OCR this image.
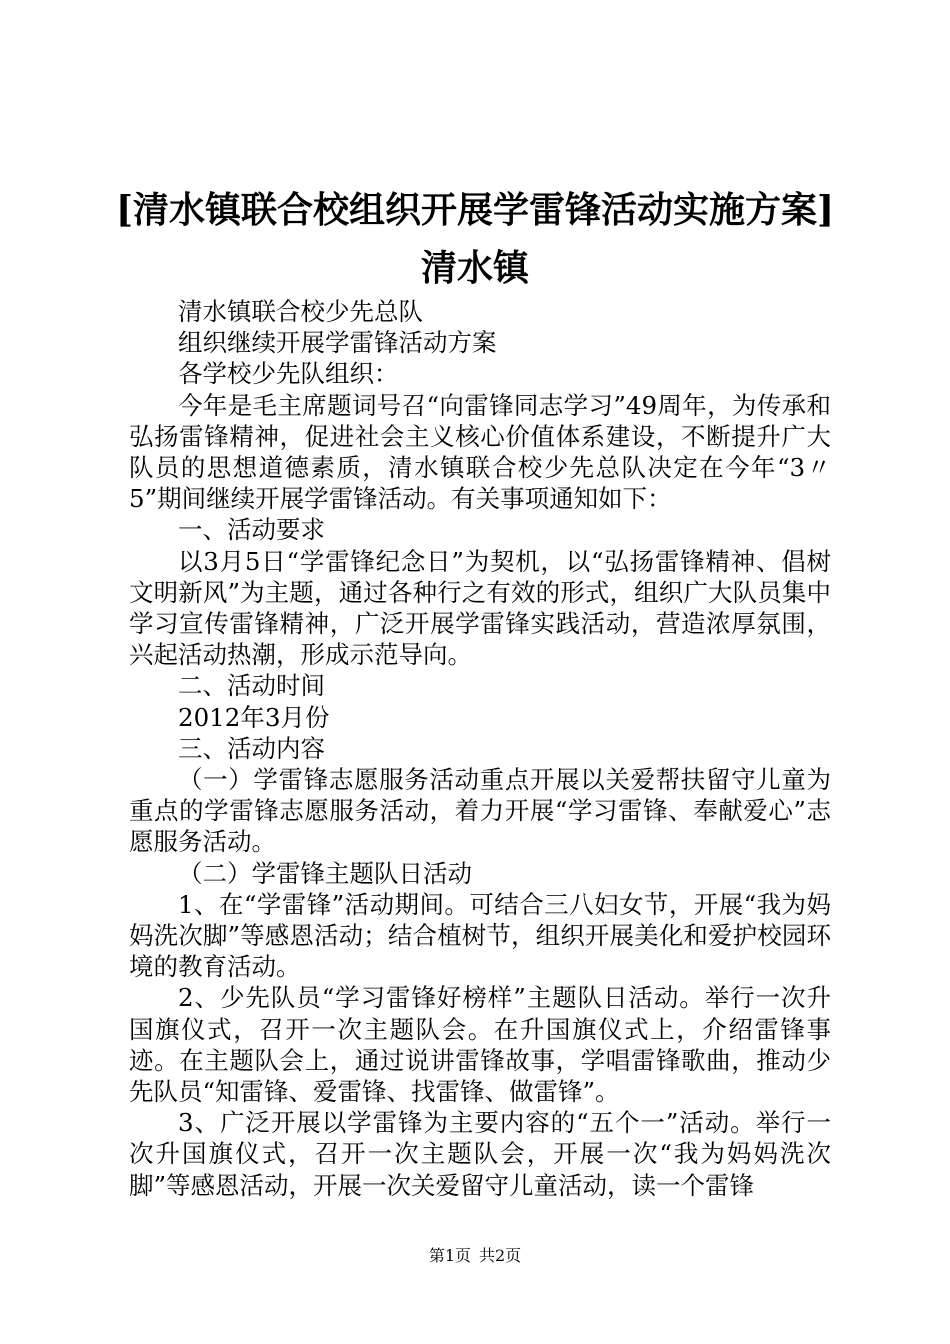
[清水镇联合校组织开展学雷锋活动实施方案]
清水镇

清水镇联合校少先总队

组织继续开展学雷锋活动方案

各学校少先队组织：

今年是毛主席题词号召“向雷锋同志学习”49周年，为传承和弘扬雷锋精神，促进社会主义核心价值体系建设，不断提升广大队员的思想道德素质，清水镇联合校少先总队决定在今年“3〃5”期间继续开展学雷锋活动。有关事项通知如下：

一、活动要求

以3月5日“学雷锋纪念日”为契机，以“弘扬雷锋精神、倡树文明新风”为主题，通过各种行之有效的形式，组织广大队员集中学习宣传雷锋精神，广泛开展学雷锋实践活动，营造浓厚氛围，兴起活动热潮，形成示范导向。

二、活动时间

2012年3月份

三、活动内容

（一）学雷锋志愿服务活动重点开展以关爱帮扶留守儿童为重点的学雷锋志愿服务活动，着力开展“学习雷锋、奉献爱心”志愿服务活动。

（二）学雷锋主题队日活动

1、在“学雷锋”活动期间。可结合三八妇女节，开展“我为妈妈洗次脚”等感恩活动；结合植树节，组织开展美化和爱护校园环境的教育活动。

2、少先队员“学习雷锋好榜样”主题队日活动。举行一次升国旗仪式，召开一次主题队会。在升国旗仪式上，介绍雷锋事迹。在主题队会上，通过说讲雷锋故事，学唱雷锋歌曲，推动少先队员“知雷锋、爱雷锋、找雷锋、做雷锋”。

3、广泛开展以学雷锋为主要内容的“五个一”活动。举行一次升国旗仪式，召开一次主题队会，开展一次“我为妈妈洗次脚”等感恩活动，开展一次关爱留守儿童活动，读一个雷锋

第1页 共2页
